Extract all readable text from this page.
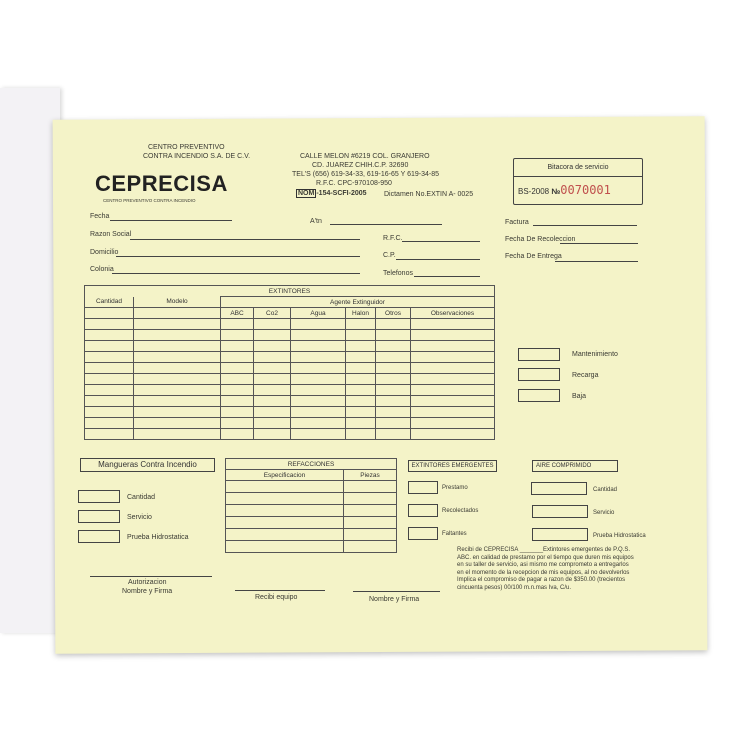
CENTRO PREVENTIVO
CONTRA INCENDIO S.A. DE C.V.
CEPRECISA
CENTRO PREVENTIVO CONTRA INCENDIO
CALLE MELON #6219 COL. GRANJERO
CD. JUAREZ CHIH.C.P. 32690
TEL'S (656) 619-34-33, 619-16-65 Y 619-34-85
R.F.C. CPC-970108-950
NOM -154-SCFI-2005 Dictamen No.EXTIN A- 0025
Bitacora de servicio
BS-2008 №0070001
Fecha
A'tn	Factura
Razon Social
R.F.C.	Fecha De Recoleccion
Domicilio	C.P.	Fecha De Entrega
Colonia
Telefonos
EXTINTORES							
Cantidad	Modelo	Agente Extinguidor					
		ABC	Co2	Agua	Halon	Otros	Observaciones

Mantenimiento
Recarga
Baja
Mangueras Contra Incendio
Cantidad
Servicio
Prueba Hidrostatica
REFACCIONES	
Especificacion	Piezas

EXTINTORES EMERGENTES
Prestamo
Recolectados
Faltantes
AIRE COMPRIMIDO
Cantidad
Servicio
Prueba Hidrostatica
Recibi de CEPRECISA _______Extintores emergentes de P.Q.S.
ABC. en calidad de prestamo por el tiempo que duren mis equipos
en su taller de servicio, asi mismo me comprometo a entregarlos
en el momento de la recepcion de mis equipos, al no devolverlos
Implica el compromiso de pagar a razon de $350.00 (trecientos
cincuenta pesos) 00/100 m.n.mas Iva, C/u.
Autorizacion
Nombre y Firma
Recibi equipo	Nombre y Firma
